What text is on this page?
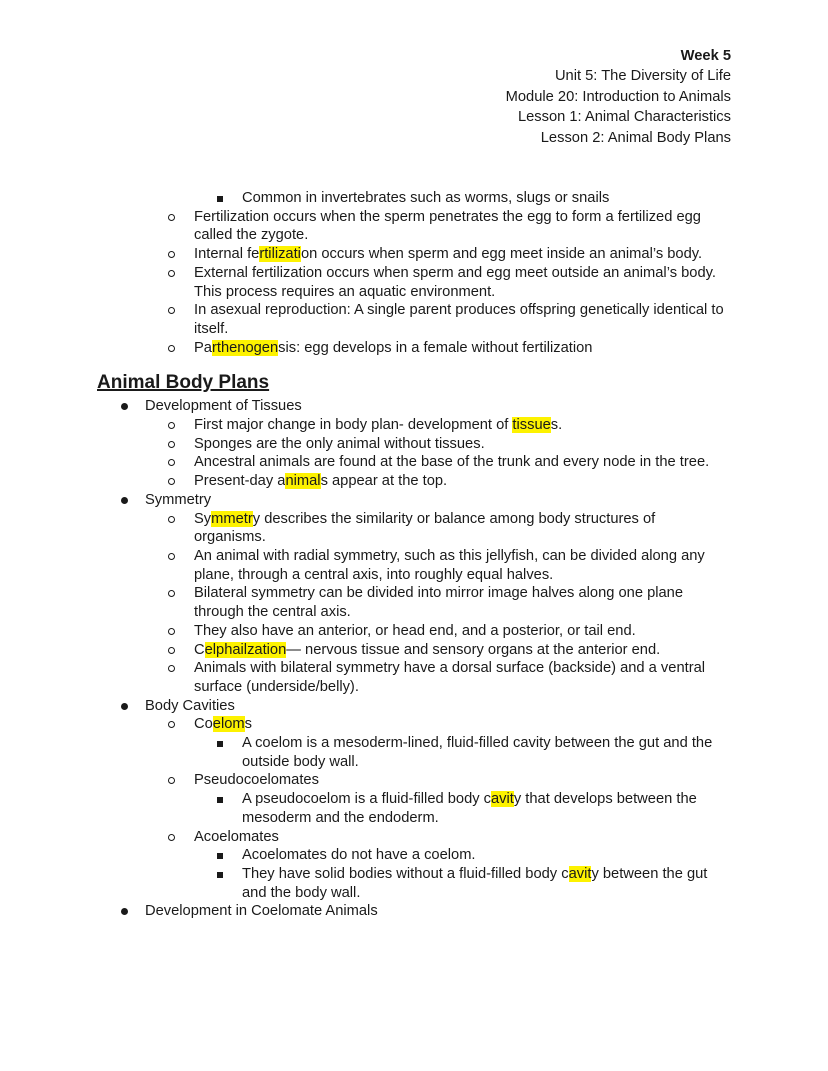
Week 5
Unit 5: The Diversity of Life
Module 20: Introduction to Animals
Lesson 1: Animal Characteristics
Lesson 2: Animal Body Plans
Common in invertebrates such as worms, slugs or snails
Fertilization occurs when the sperm penetrates the egg to form a fertilized egg called the zygote.
Internal fertilization occurs when sperm and egg meet inside an animal’s body.
External fertilization occurs when sperm and egg meet outside an animal’s body. This process requires an aquatic environment.
In asexual reproduction: A single parent produces offspring genetically identical to itself.
Parthenogensis: egg develops in a female without fertilization
Animal Body Plans
Development of Tissues
First major change in body plan- development of tissues.
Sponges are the only animal without tissues.
Ancestral animals are found at the base of the trunk and every node in the tree.
Present-day animals appear at the top.
Symmetry
Symmetry describes the similarity or balance among body structures of organisms.
An animal with radial symmetry, such as this jellyfish, can be divided along any plane, through a central axis, into roughly equal halves.
Bilateral symmetry can be divided into mirror image halves along one plane through the central axis.
They also have an anterior, or head end, and a posterior, or tail end.
Celphailzation— nervous tissue and sensory organs at the anterior end.
Animals with bilateral symmetry have a dorsal surface (backside) and a ventral surface (underside/belly).
Body Cavities
Coeloms
A coelom is a mesoderm-lined, fluid-filled cavity between the gut and the outside body wall.
Pseudocoelomates
A pseudocoelom is a fluid-filled body cavity that develops between the mesoderm and the endoderm.
Acoelomates
Acoelomates do not have a coelom.
They have solid bodies without a fluid-filled body cavity between the gut and the body wall.
Development in Coelomate Animals
